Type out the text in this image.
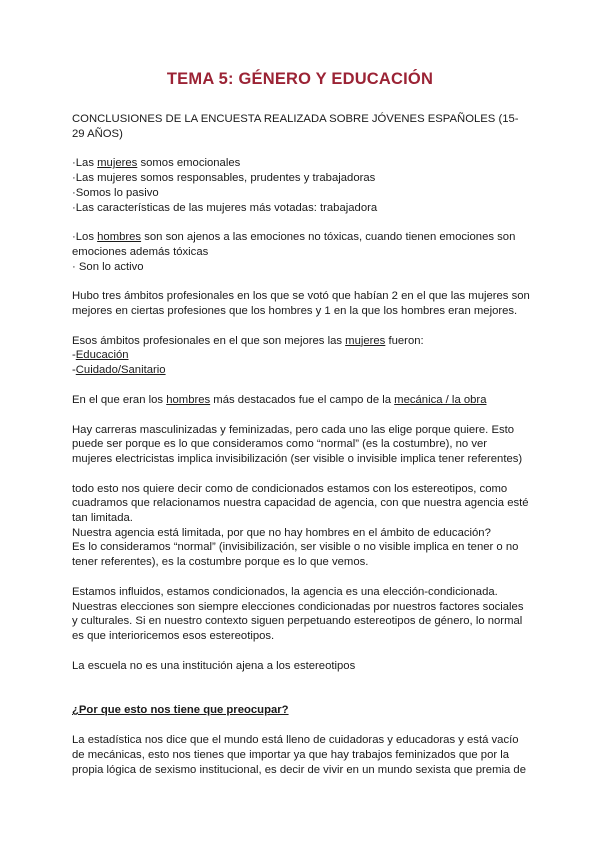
TEMA 5: GÉNERO Y EDUCACIÓN

CONCLUSIONES DE LA ENCUESTA REALIZADA SOBRE JÓVENES ESPAÑOLES (15-29 AÑOS)

·Las mujeres somos emocionales

·Las mujeres somos responsables, prudentes y trabajadoras

·Somos lo pasivo

·Las características de las mujeres más votadas: trabajadora

·Los hombres son son ajenos a las emociones no tóxicas, cuando tienen emociones son emociones además tóxicas

· Son lo activo

Hubo tres ámbitos profesionales en los que se votó que habían 2 en el que las mujeres son mejores en ciertas profesiones que los hombres y 1 en la que los hombres eran mejores.

Esos ámbitos profesionales en el que son mejores las mujeres fueron:

-Educación

-Cuidado/Sanitario

En el que eran los hombres más destacados fue el campo de la mecánica / la obra

Hay carreras masculinizadas y feminizadas, pero cada uno las elige porque quiere. Esto puede ser porque es lo que consideramos como “normal” (es la costumbre), no ver mujeres electricistas implica invisibilización (ser visible o invisible implica tener referentes)

todo esto nos quiere decir como de condicionados estamos con los estereotipos, como cuadramos que relacionamos nuestra capacidad de agencia, con que nuestra agencia esté tan limitada.

Nuestra agencia está limitada, por que no hay hombres en el ámbito de educación?

Es lo consideramos “normal” (invisibilización, ser visible o no visible implica en tener o no tener referentes), es la costumbre porque es lo que vemos.

Estamos influidos, estamos condicionados, la agencia es una elección-condicionada. Nuestras elecciones son siempre elecciones condicionadas por nuestros factores sociales y culturales. Si en nuestro contexto siguen perpetuando estereotipos de género, lo normal es que interioricemos esos estereotipos.

La escuela no es una institución ajena a los estereotipos

¿Por que esto nos tiene que preocupar?

La estadística nos dice que el mundo está lleno de cuidadoras y educadoras y está vacío de mecánicas, esto nos tienes que importar ya que hay trabajos feminizados que por la propia lógica de sexismo institucional, es decir de vivir en un mundo sexista que premia de
